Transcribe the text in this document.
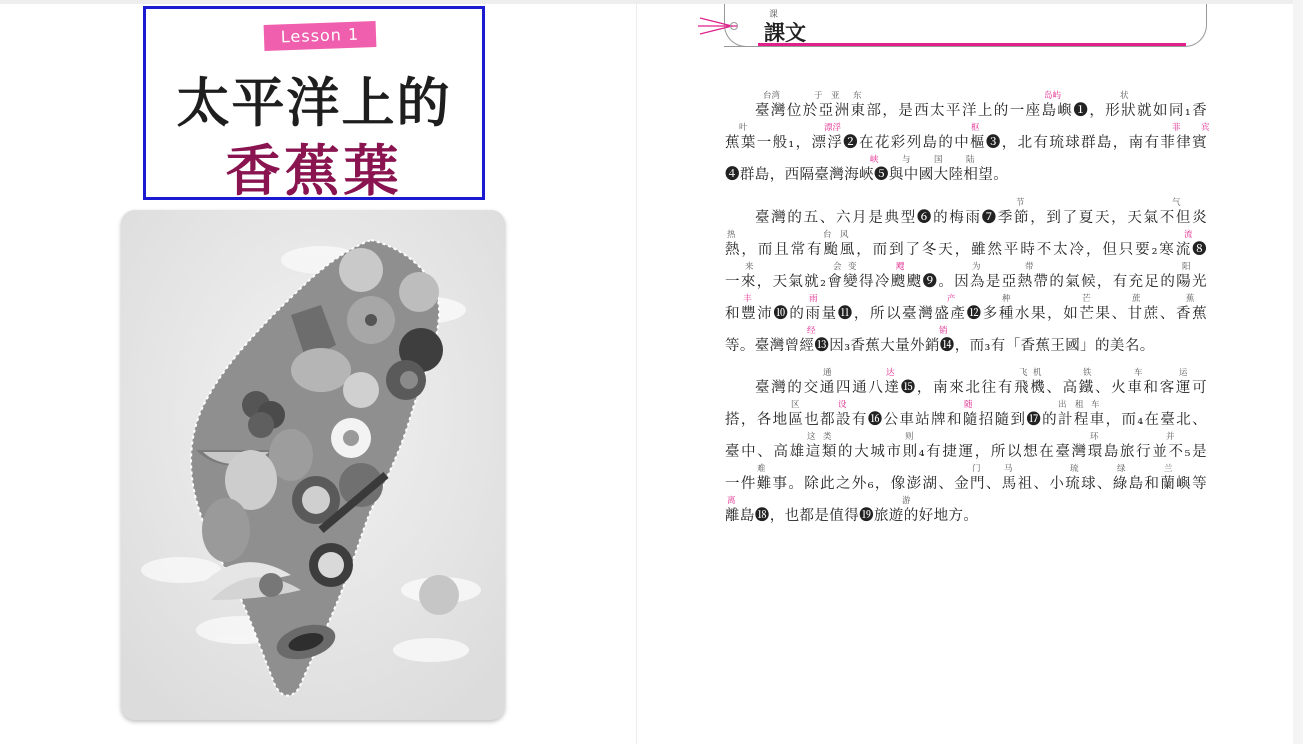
Lesson 1
太平洋上的
香蕉葉
课
課文
台湾	于 亚 东	岛屿	状
臺灣位於亞洲東部，是西太平洋上的一座島嶼❶，形狀就如同₁香
叶	漂浮	枢	菲 宾
蕉葉一般₁，漂浮❷在花彩列島的中樞❸，北有琉球群島，南有菲律賓
峡	与	国	陆
❹群島，西隔臺灣海峽❺與中國大陸相望。
节	气
臺灣的五、六月是典型❻的梅雨❼季節，到了夏天，天氣不但炎
热	台 风	流
熱，而且常有颱風，而到了冬天，雖然平時不太冷，但只要₂寒流❽
来	会 变	飕	为	带	阳
一來，天氣就₂會變得冷颼颼❾。因為是亞熱帶的氣候，有充足的陽光
丰	雨	产	种	芒	蔗	蕉
和豐沛❿的雨量⓫，所以臺灣盛產⓬多種水果，如芒果、甘蔗、香蕉
经	销
等。臺灣曾經⓭因₃香蕉大量外銷⓮，而₃有「香蕉王國」的美名。
通	达	飞 机	铁	车	运
臺灣的交通四通八達⓯，南來北往有飛機、高鐵、火車和客運可
区	设	随	出 租 车
搭，各地區也都設有⓰公車站牌和隨招隨到⓱的計程車，而₄在臺北、
这 类	则	环	并
臺中、高雄這類的大城市則₄有捷運，所以想在臺灣環島旅行並不₅是
难	门	马	琉	绿	兰
一件難事。除此之外₆，像澎湖、金門、馬祖、小琉球、綠島和蘭嶼等
离	游
離島⓲，也都是值得⓳旅遊的好地方。
